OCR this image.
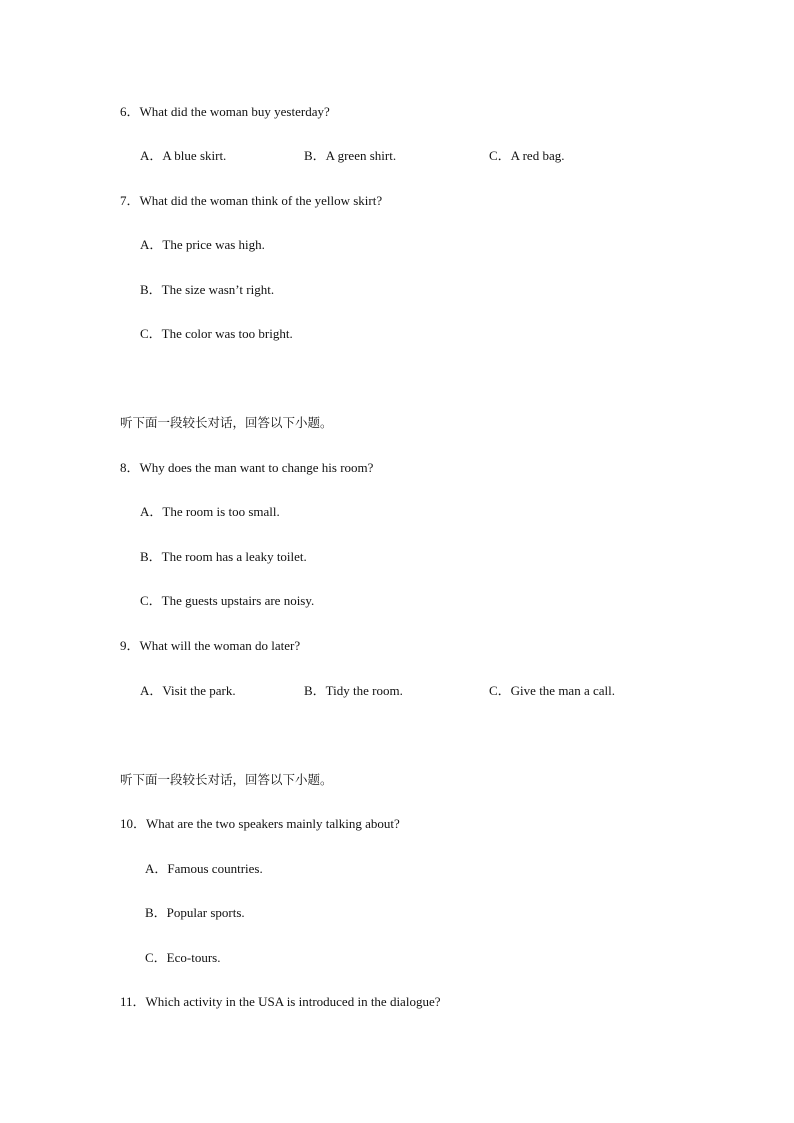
6．What did the woman buy yesterday?
A．A blue skirt.	B．A green shirt.	C．A red bag.
7．What did the woman think of the yellow skirt?
A．The price was high.
B．The size wasn’t right.
C．The color was too bright.
听下面一段较长对话，回答以下小题。
8．Why does the man want to change his room?
A．The room is too small.
B．The room has a leaky toilet.
C．The guests upstairs are noisy.
9．What will the woman do later?
A．Visit the park.	B．Tidy the room.	C．Give the man a call.
听下面一段较长对话，回答以下小题。
10．What are the two speakers mainly talking about?
A．Famous countries.
B．Popular sports.
C．Eco-tours.
11．Which activity in the USA is introduced in the dialogue?
